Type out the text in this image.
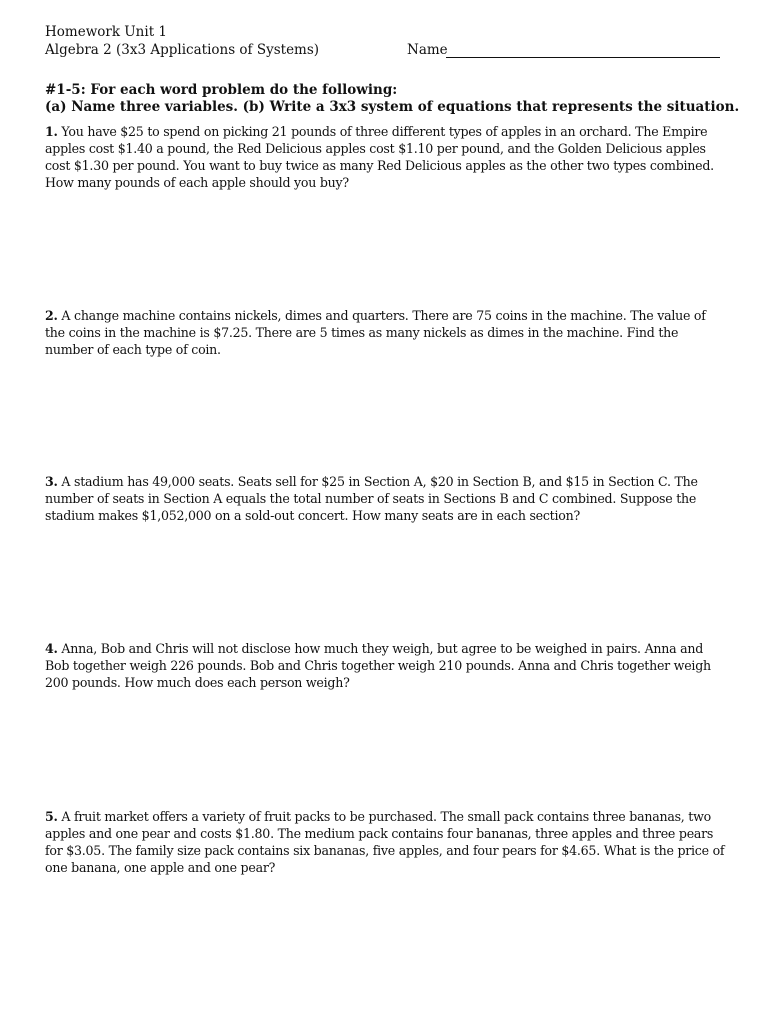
Homework Unit 1
Algebra 2 (3x3 Applications of Systems)	Name
#1-5: For each word problem do the following:
(a) Name three variables. (b) Write a 3x3 system of equations that represents the situation.
1. You have $25 to spend on picking 21 pounds of three different types of apples in an orchard. The Empire apples cost $1.40 a pound, the Red Delicious apples cost $1.10 per pound, and the Golden Delicious apples cost $1.30 per pound. You want to buy twice as many Red Delicious apples as the other two types combined. How many pounds of each apple should you buy?
2. A change machine contains nickels, dimes and quarters. There are 75 coins in the machine. The value of the coins in the machine is $7.25. There are 5 times as many nickels as dimes in the machine. Find the number of each type of coin.
3. A stadium has 49,000 seats. Seats sell for $25 in Section A, $20 in Section B, and $15 in Section C. The number of seats in Section A equals the total number of seats in Sections B and C combined. Suppose the stadium makes $1,052,000 on a sold-out concert. How many seats are in each section?
4. Anna, Bob and Chris will not disclose how much they weigh, but agree to be weighed in pairs. Anna and Bob together weigh 226 pounds. Bob and Chris together weigh 210 pounds. Anna and Chris together weigh 200 pounds. How much does each person weigh?
5. A fruit market offers a variety of fruit packs to be purchased. The small pack contains three bananas, two apples and one pear and costs $1.80. The medium pack contains four bananas, three apples and three pears for $3.05. The family size pack contains six bananas, five apples, and four pears for $4.65. What is the price of one banana, one apple and one pear?
